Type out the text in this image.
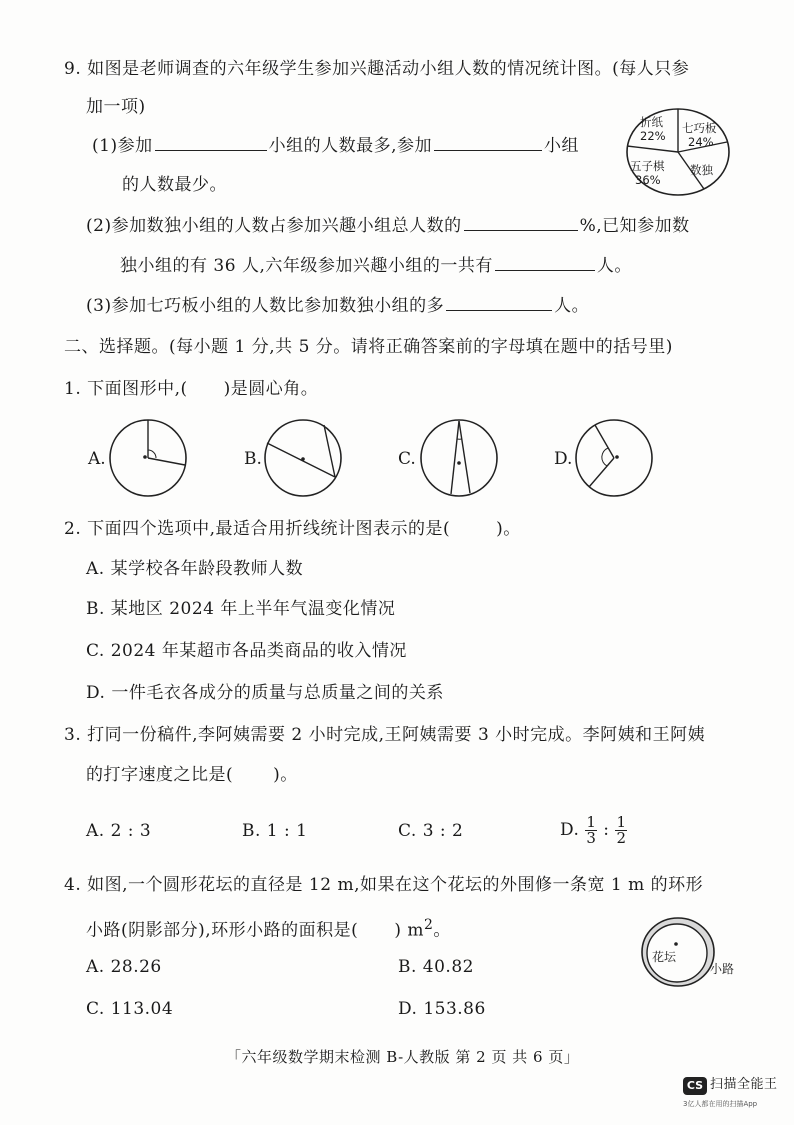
9. 如图是老师调查的六年级学生参加兴趣活动小组人数的情况统计图。(每人只参
加一项)
(1)参加	小组的人数最多,参加	小组
的人数最少。
(2)参加数独小组的人数占参加兴趣小组总人数的	%,已知参加数
独小组的有 36 人,六年级参加兴趣小组的一共有	人。
(3)参加七巧板小组的人数比参加数独小组的多	人。
折纸
22%
七巧板
24%
五子棋
36%
数独
二、选择题。(每小题 1 分,共 5 分。请将正确答案前的字母填在题中的括号里)
1. 下面图形中,( )是圆心角。
A.	B.	C.	D.
2. 下面四个选项中,最适合用折线统计图表示的是(	)。
A. 某学校各年龄段教师人数
B. 某地区 2024 年上半年气温变化情况
C. 2024 年某超市各品类商品的收入情况
D. 一件毛衣各成分的质量与总质量之间的关系
3. 打同一份稿件,李阿姨需要 2 小时完成,王阿姨需要 3 小时完成。李阿姨和王阿姨
的打字速度之比是( )。
A. 2 : 3	B. 1 : 1	C. 3 : 2	D. $\frac{1}{3}$ : $\frac{1}{2}$
4. 如图,一个圆形花坛的直径是 12 m,如果在这个花坛的外围修一条宽 1 m 的环形
小路(阴影部分),环形小路的面积是( ) $m^2$。
A. 28.26	B. 40.82
C. 113.04	D. 153.86
花坛
小路
「六年级数学期末检测 B-人教版 第 2 页 共 6 页」
CS 扫描全能王
3亿人都在用的扫描App
